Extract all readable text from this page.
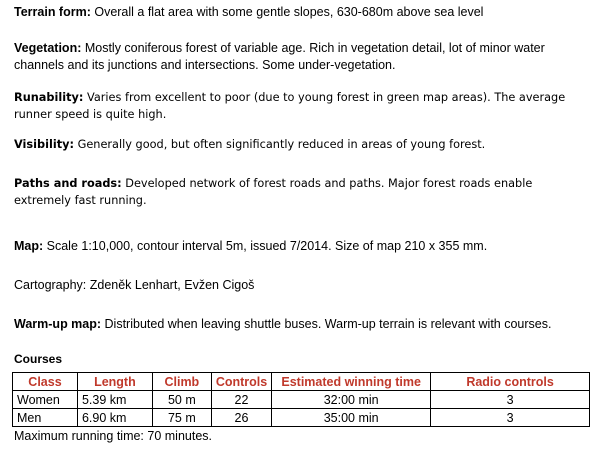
Terrain form: Overall a flat area with some gentle slopes, 630-680m above sea level

Vegetation: Mostly coniferous forest of variable age. Rich in vegetation detail, lot of minor water channels and its junctions and intersections. Some under-vegetation.

Runability: Varies from excellent to poor (due to young forest in green map areas). The average runner speed is quite high.

Visibility: Generally good, but often significantly reduced in areas of young forest.

Paths and roads: Developed network of forest roads and paths. Major forest roads enable extremely fast running.

Map: Scale 1:10,000, contour interval 5m, issued 7/2014. Size of map 210 x 355 mm.

Cartography: Zdeněk Lenhart, Evžen Cigoš

Warm-up map: Distributed when leaving shuttle buses. Warm-up terrain is relevant with courses.

Courses

Class	Length	Climb	Controls	Estimated winning time	Radio controls
Women	5.39 km	50 m	22	32:00 min	3
Men	6.90 km	75 m	26	35:00 min	3

Maximum running time: 70 minutes.
